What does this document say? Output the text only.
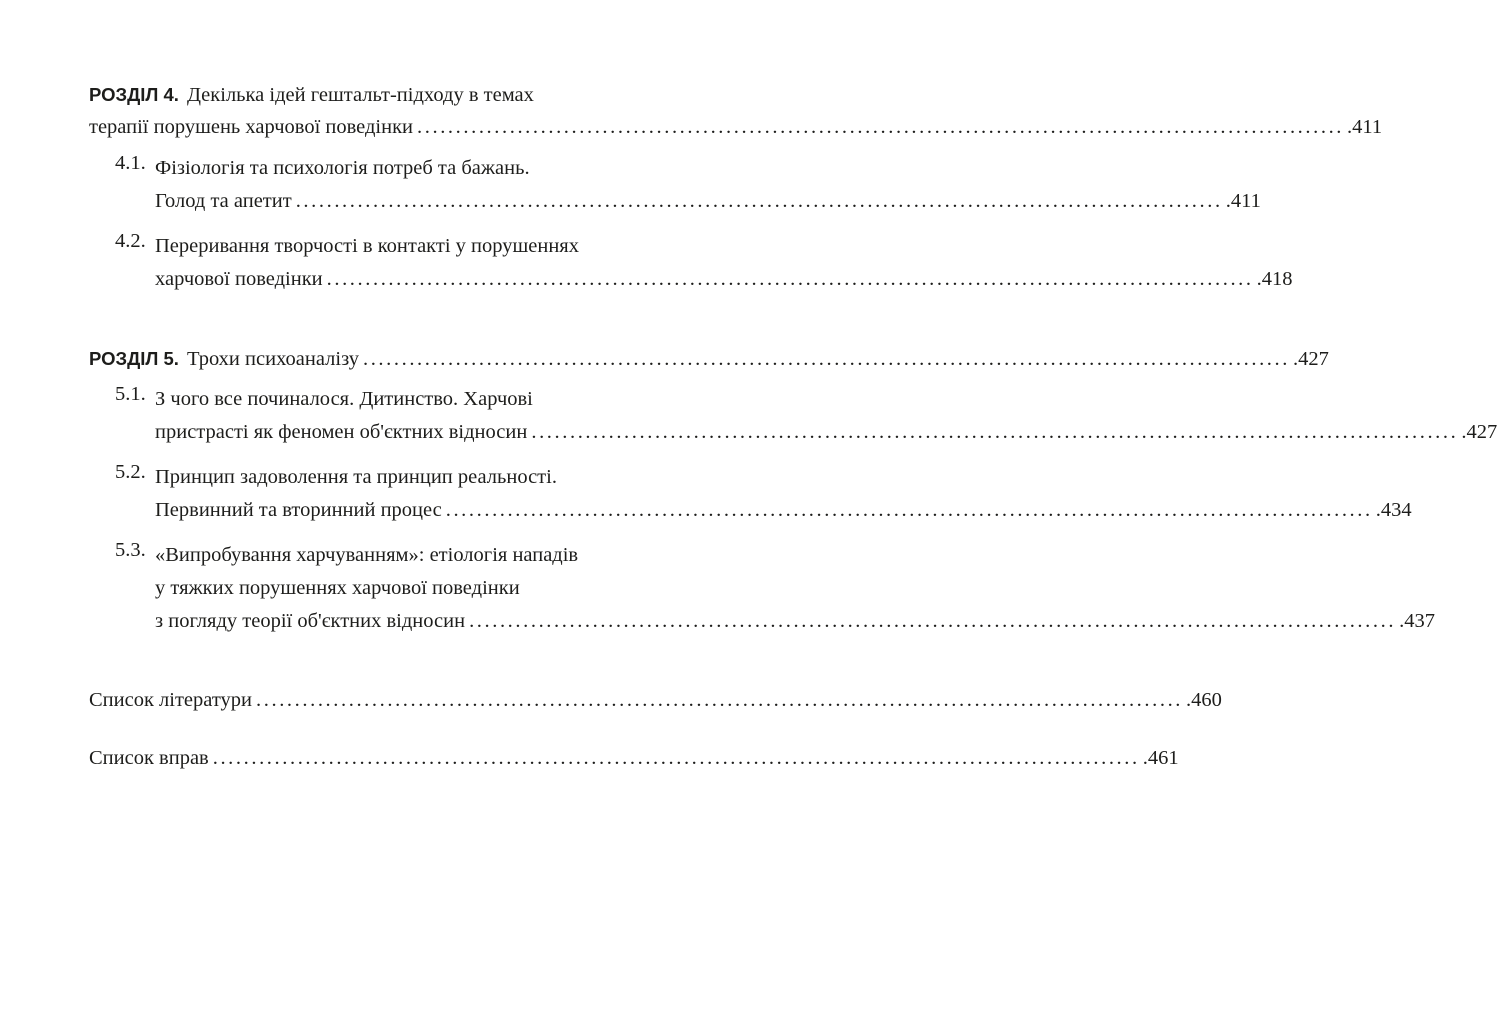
РОЗДІЛ 4. Декілька ідей гештальт-підходу в темах
терапії порушень харчової поведінки ........................................................................................................................ .411
4.1. Фізіологія та психологія потреб та бажань.
Голод та апетит ........................................................................................................................ .411
4.2. Переривання творчості в контакті у порушеннях
харчової поведінки ........................................................................................................................ .418
РОЗДІЛ 5. Трохи психоаналізу ........................................................................................................................ .427
5.1. З чого все починалося. Дитинство. Харчові
пристрасті як феномен об'єктних відносин ........................................................................................................................ .427
5.2. Принцип задоволення та принцип реальності.
Первинний та вторинний процес ........................................................................................................................ .434
5.3. «Випробування харчуванням»: етіологія нападів
у тяжких порушеннях харчової поведінки
з погляду теорії об'єктних відносин ........................................................................................................................ .437
Список літератури ........................................................................................................................ .460
Список вправ ........................................................................................................................ .461
